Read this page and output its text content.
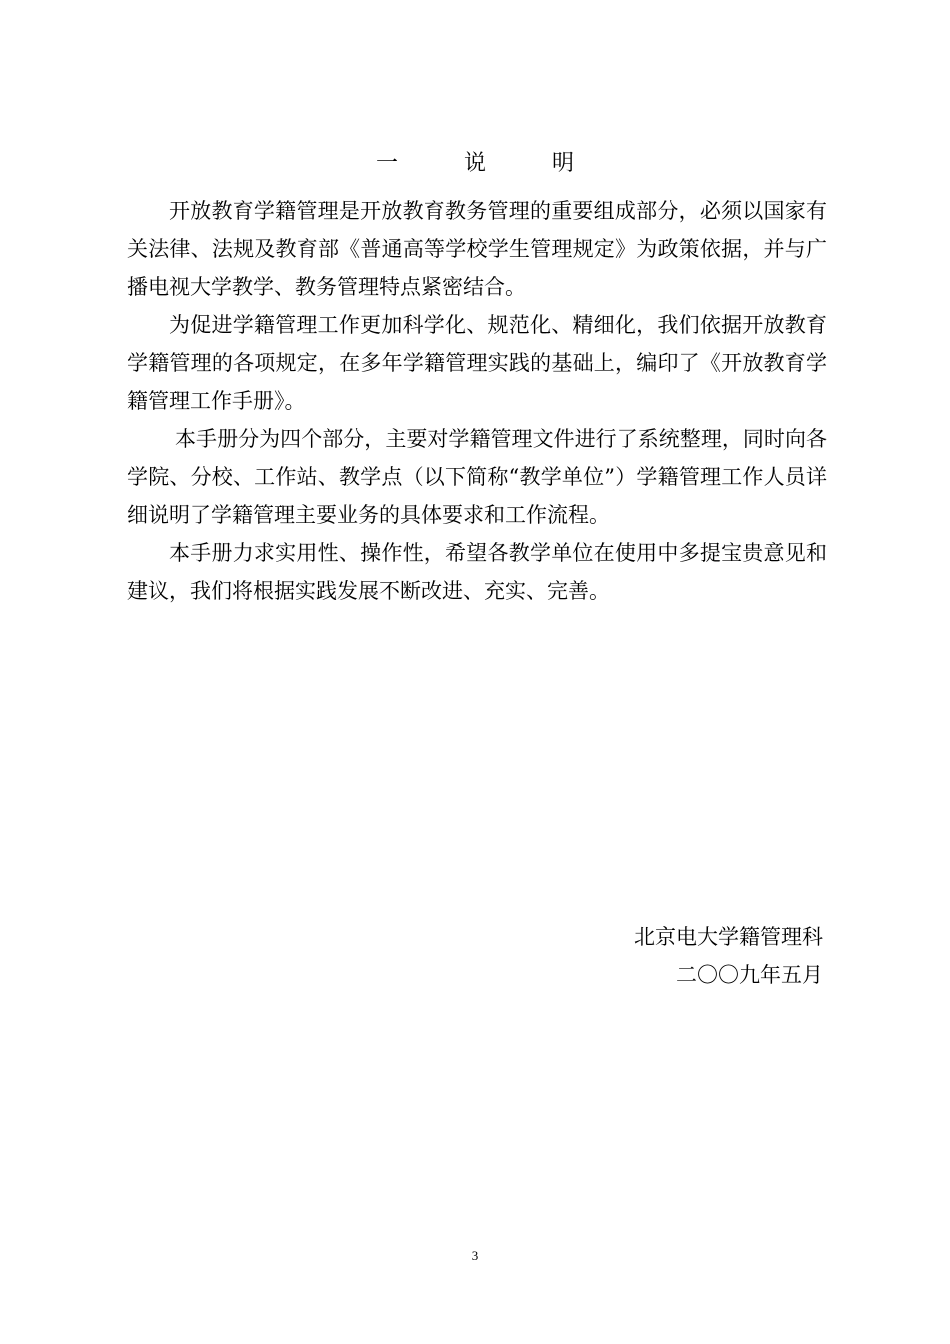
一　说　明

开放教育学籍管理是开放教育教务管理的重要组成部分，必须以国家有关法律、法规及教育部《普通高等学校学生管理规定》为政策依据，并与广播电视大学教学、教务管理特点紧密结合。

为促进学籍管理工作更加科学化、规范化、精细化，我们依据开放教育学籍管理的各项规定，在多年学籍管理实践的基础上，编印了《开放教育学籍管理工作手册》。

本手册分为四个部分，主要对学籍管理文件进行了系统整理，同时向各学院、分校、工作站、教学点（以下简称“教学单位”）学籍管理工作人员详细说明了学籍管理主要业务的具体要求和工作流程。

本手册力求实用性、操作性，希望各教学单位在使用中多提宝贵意见和建议，我们将根据实践发展不断改进、充实、完善。

北京电大学籍管理科
二〇〇九年五月
3
